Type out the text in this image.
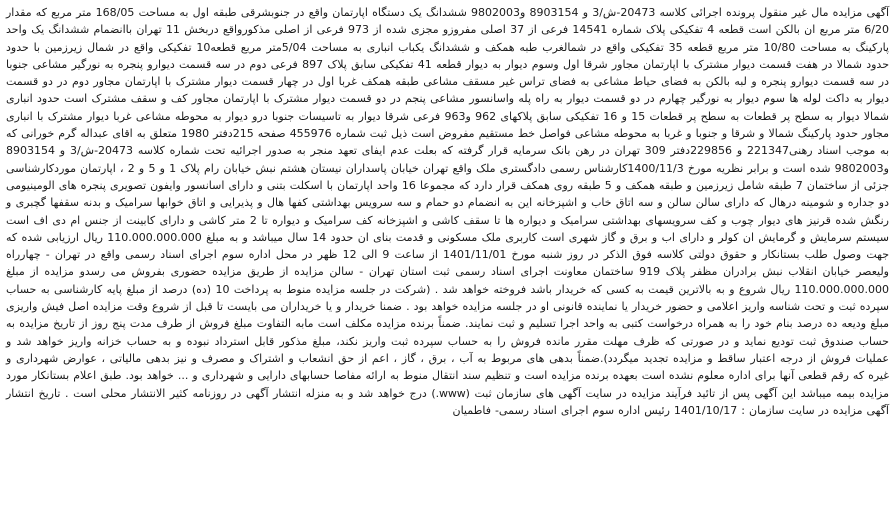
آگهی مزایده مال غیر منقول پرونده اجرائی کلاسه 20473-ش/3 و 8903154 و9802003 ششدانگ یک دستگاه اپارتمان واقع در جنوبشرقی طبقه اول به مساحت 168/05 متر مربع که مقدار 6/20 متر مربع ان بالکن است قطعه 4 تفکیکی پلاک شماره 14541 فرعی از 37 اصلی مفروزو مجزی شده از 973 فرعی از اصلی مذکورواقع دربخش 11 تهران باانضمام ششدانگ یک واحد پارکینگ به مساحت 10/80 متر مربع قطعه 35 تفکیکی واقع در شمالغرب طبه همکف و ششدانگ یکباب انباری به مساحت 5/04متر مربع قطعه10 تفکیکی واقع در شمال زیرزمین با حدود حدود شمالا در هفت قسمت دیوار مشترک با اپارتمان مجاور شرقا اول وسوم دیوار به دیوار قطعه 41 تفکیکی سابق پلاک 897 فرعی دوم در سه قسمت دیوارو پنجره به نورگیر مشاعی جنوبا در سه قسمت دیوارو پنجره و لبه بالکن به فضای حیاط مشاعی به فضای تراس غیر مسقف مشاعی طبقه همکف غربا اول در چهار قسمت دیوار مشترک با اپارتمان مجاور دوم در دو قسمت دیوار به داکت لوله ها سوم دیوار به نورگیر چهارم در دو قسمت دیوار به راه پله واسانسور مشاعی پنجم در دو قسمت دیوار مشترک با اپارتمان مجاور کف و سقف مشترک است حدود انباری شمالا دیوار به سطح پر قطعات به سطح پر قطعات 15 و 16 تفکیکی سابق پلاکهای 962 و963 فرعی شرقا دیوار به تاسیسات جنوبا درو دیوار به محوطه مشاعی غربا دیوار مشترک با انباری مجاور حدود پارکینگ شمالا و شرقا و جنوبا و غربا به محوطه مشاعی فواصل خط مستقیم مفروض است ذیل ثبت شماره 455976 صفحه 215دفتر 1980 متعلق به اقای عبداله گرم خورانی که به موجب اسناد رهنی221347 و 229856دفتر 309 تهران در رهن بانک سرمایه قرار گرفته که بعلت عدم ایفای تعهد منجر به صدور اجرائیه تحت شماره کلاسه 20473-ش/3 و 8903154 و9802003 شده است و برابر نظریه مورخ 1400/11/3کارشناس رسمی دادگستری ملک واقع تهران خیابان پاسداران نیستان هشتم نبش خیابان رام پلاک 1 و 5 و 2 ، اپارتمان موردکارشناسی جزئی از ساختمان 7 طبقه شامل زیرزمین و طبقه همکف و 5 طبقه روی همکف قرار دارد که مجموعا 16 واحد اپارتمان با اسکلت بتنی و دارای اسانسور وایفون تصویری پنجره های الومینیومی دو جداره و شومینه درهال که دارای سالن سالن و سه اتاق خاب و اشپزخانه این به انضمام دو حمام و سه سرویس بهداشتی کفها هال و پذیرایی و اتاق خوابها سرامیک و بدنه سقفها گچبری و رنگش شده قرنیز های دیوار چوب و کف سرویسهای بهداشتی سرامیک و دیواره ها تا سقف کاشی و اشپزخانه کف سرامیک و دیواره تا 2 متر کاشی و دارای کابینت از جنس ام دی اف است سیستم سرمایش و گرمایش ان کولر و دارای اب و برق و گاز شهری است کاربری ملک مسکونی و قدمت بنای ان حدود 14 سال میباشد و به مبلغ 110.000.000.000 ریال ارزیابی شده که جهت وصول طلب بستانکار و حقوق دولتی کلاسه فوق الذکر در روز شنبه مورخ 1401/11/01 از ساعت 9 الی 12 ظهر در محل اداره سوم اجرای اسناد رسمی واقع در تهران - چهارراه ولیعصر خیابان انقلاب نبش برادران مظفر پلاک 919 ساختمان معاونت اجرای اسناد رسمی ثبت استان تهران - سالن مزایده از طریق مزایده حضوری بفروش می رسدو مزایده از مبلغ 110.000.000.000 ریال شروع و به بالاترین قیمت به کسی که خریدار باشد فروخته خواهد شد . (شرکت در جلسه مزایده منوط به پرداخت 10 (ده) درصد از مبلغ پایه کارشناسی به حساب سپرده ثبت و تحت شناسه واریز اعلامی و حضور خریدار یا نماینده قانونی او در جلسه مزایده خواهد بود . ضمنا خریدار و یا خریداران می بایست تا قبل از شروع وقت مزایده اصل فیش واریزی مبلغ ودیعه ده درصد بنام خود را به همراه درخواست کتبی به واحد اجرا تسلیم و ثبت نمایند. ضمناً برنده مزایده مکلف است مابه التفاوت مبلغ فروش از طرف مدت پنج روز از تاریخ مزایده به حساب صندوق ثبت تودیع نماید و در صورتی که ظرف مهلت مقرر مانده فروش را به حساب سپرده ثبت واریز نکند، مبلغ مذکور قابل استرداد نبوده و به حساب خزانه واریز خواهد شد و عملیات فروش از درجه اعتبار ساقط و مزایده تجدید میگردد).ضمناً بدهی های مربوط به آب ، برق ، گاز ، اعم از حق انشعاب و اشتراک و مصرف و نیز بدهی مالیاتی ، عوارض شهرداری و غیره که رقم قطعی آنها برای اداره معلوم نشده است بعهده برنده مزایده است و تنظیم سند انتقال منوط به ارائه مفاصا حسابهای دارایی و شهرداری و ... خواهد بود. طبق اعلام بستانکار مورد مزایده بیمه میباشد این آگهی پس از تائید فرآیند مزایده در سایت آگهی های سازمان ثبت (www.) درج خواهد شد و به منزله انتشار آگهی در روزنامه کثیر الانتشار محلی است . تاریخ انتشار آگهی مزایده در سایت سازمان : 1401/10/17 رئیس اداره سوم اجرای اسناد رسمی- فاطمیان
